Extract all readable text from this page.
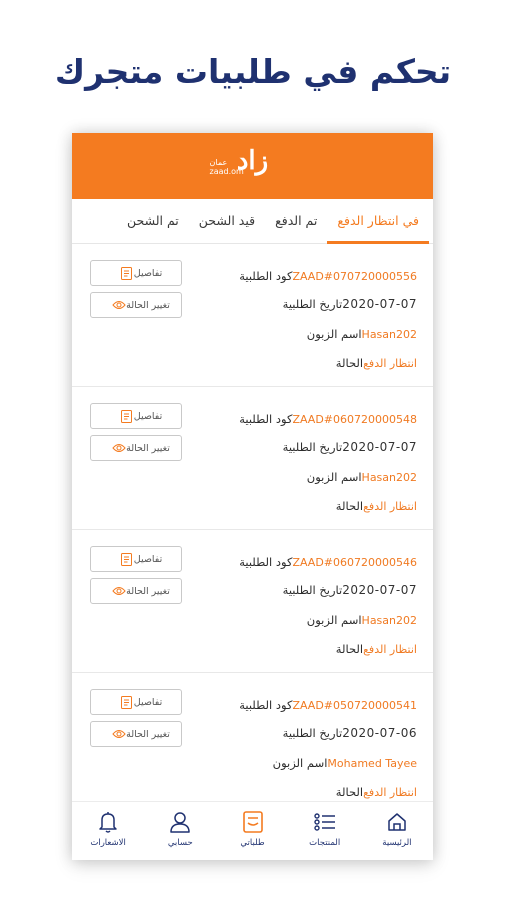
تحكم في طلبيات متجرك
زاد
عمان
zaad.om
في انتظار الدفع
تم الدفع
قيد الشحن
تم الشحن
كود الطلبية ZAAD#070720000556
تاريخ الطلبية 2020-07-07
اسم الزبون Hasan202
الحالة انتظار الدفع
تفاصيل
تغيير الحالة
كود الطلبية ZAAD#060720000548
تاريخ الطلبية 2020-07-07
اسم الزبون Hasan202
الحالة انتظار الدفع
تفاصيل
تغيير الحالة
كود الطلبية ZAAD#060720000546
تاريخ الطلبية 2020-07-07
اسم الزبون Hasan202
الحالة انتظار الدفع
تفاصيل
تغيير الحالة
كود الطلبية ZAAD#050720000541
تاريخ الطلبية 2020-07-06
اسم الزبون Mohamed Tayee
الحالة انتظار الدفع
تفاصيل
تغيير الحالة
الرئيسية
المنتجات
طلباتي
حسابي
الاشعارات
